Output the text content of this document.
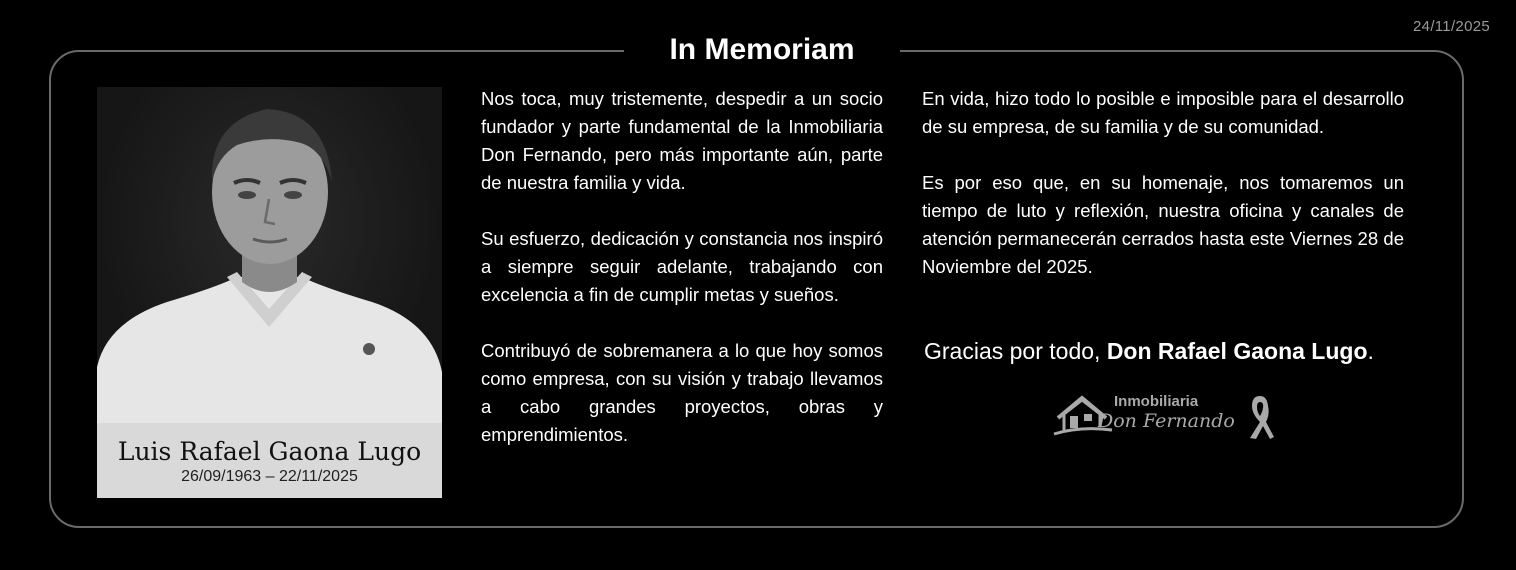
24/11/2025
In Memoriam
Luis Rafael Gaona Lugo
26/09/1963 – 22/11/2025

Nos toca, muy tristemente, despedir a un socio fundador y parte fundamental de la Inmobiliaria Don Fernando, pero más importante aún, parte de nuestra familia y vida.

Su esfuerzo, dedicación y constancia nos inspiró a siempre seguir adelante, trabajando con excelencia a fin de cumplir metas y sueños.

Contribuyó de sobremanera a lo que hoy somos como empresa, con su visión y trabajo llevamos a cabo grandes proyectos, obras y emprendimientos.

En vida, hizo todo lo posible e imposible para el desarrollo de su empresa, de su familia y de su comunidad.

Es por eso que, en su homenaje, nos tomaremos un tiempo de luto y reflexión, nuestra oficina y canales de atención permanecerán cerrados hasta este Viernes 28 de Noviembre del 2025.

Gracias por todo, Don Rafael Gaona Lugo.
Inmobiliaria
Don Fernando
